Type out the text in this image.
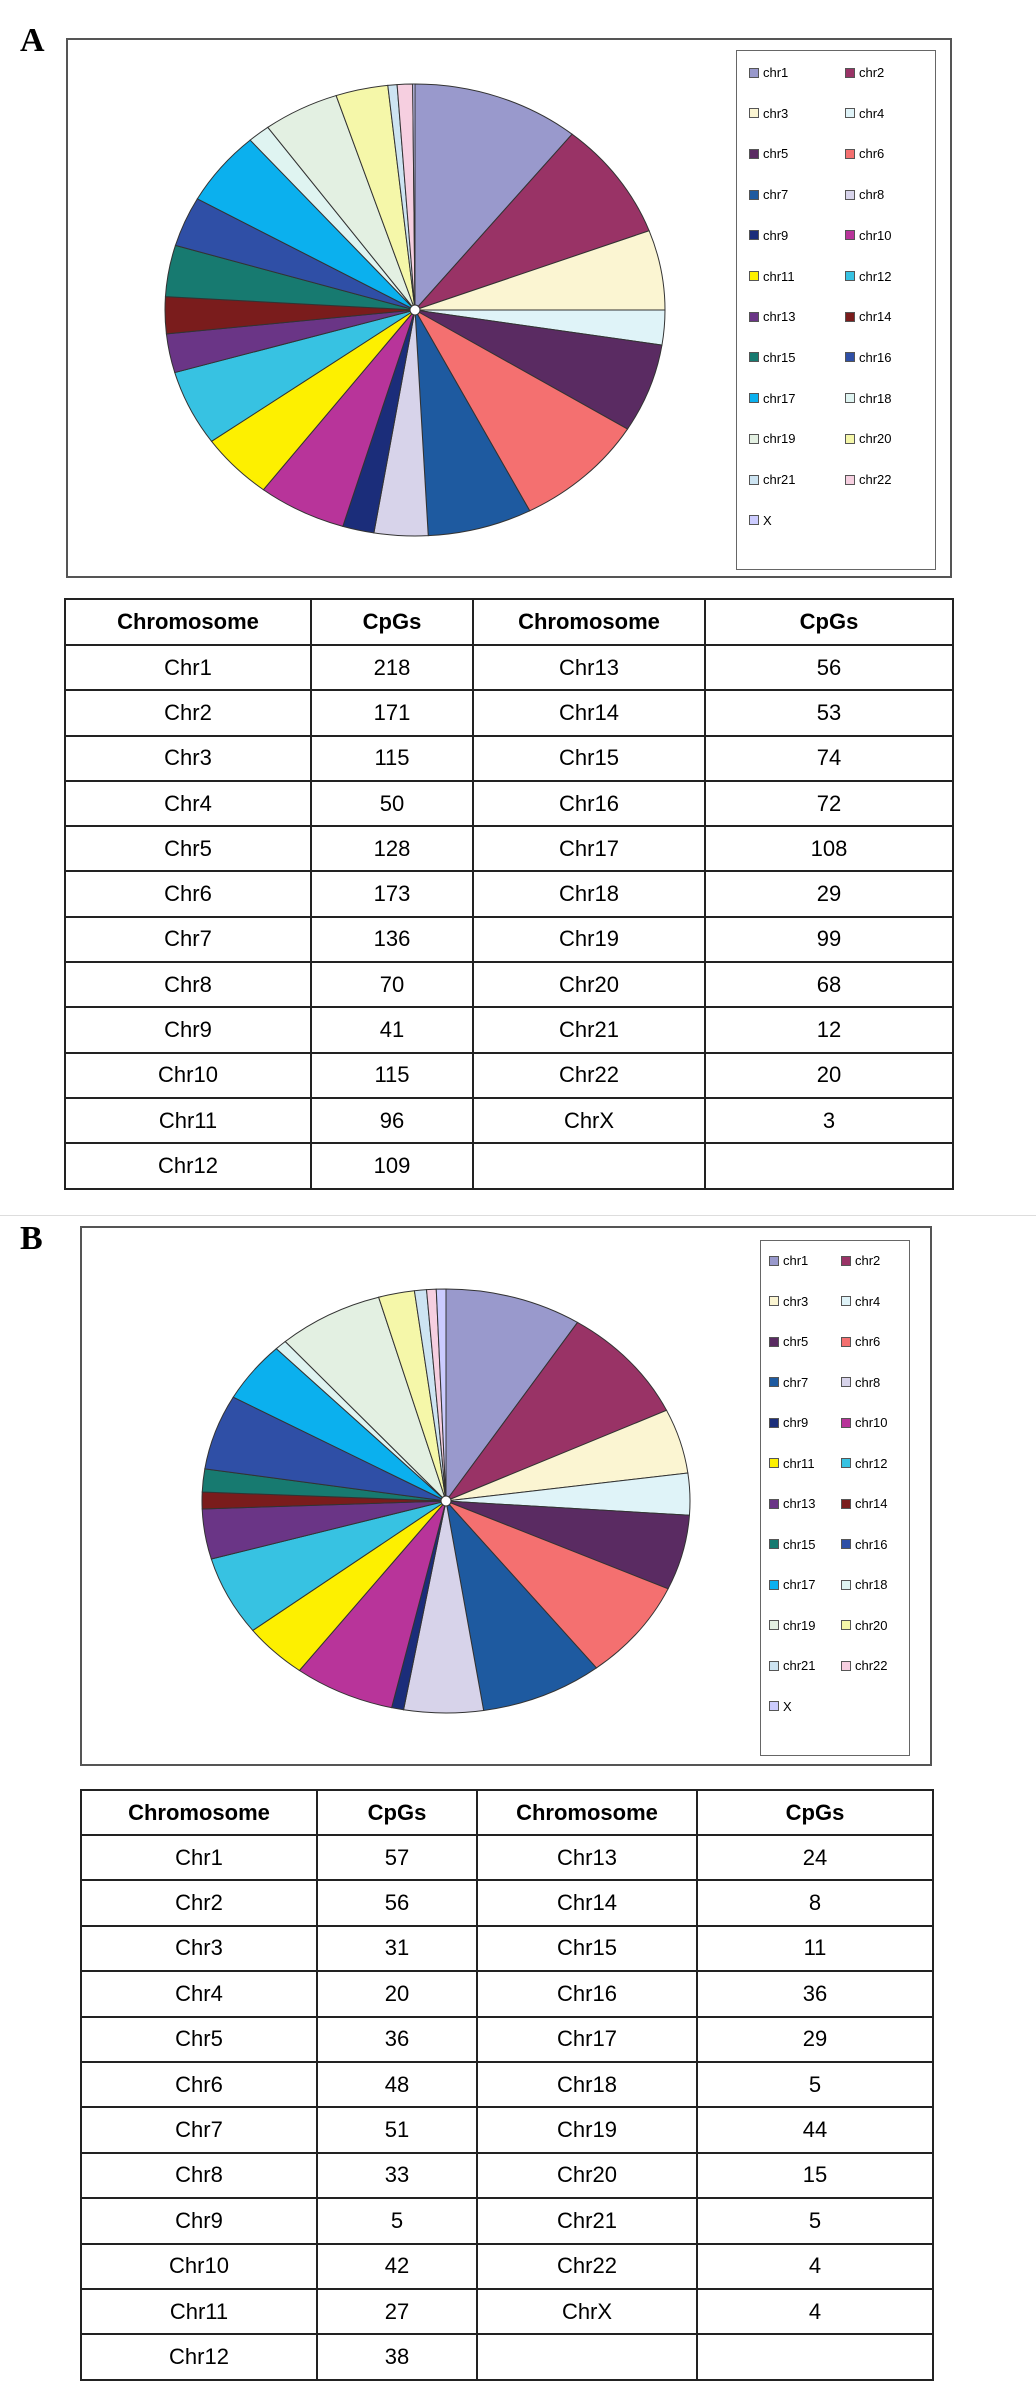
A
chr1	chr2
chr3	chr4
chr5	chr6
chr7	chr8
chr9	chr10
chr11	chr12
chr13	chr14
chr15	chr16
chr17	chr18
chr19	chr20
chr21	chr22
X
Chromosome	CpGs	Chromosome	CpGs
Chr1	218	Chr13	56
Chr2	171	Chr14	53
Chr3	115	Chr15	74
Chr4	50	Chr16	72
Chr5	128	Chr17	108
Chr6	173	Chr18	29
Chr7	136	Chr19	99
Chr8	70	Chr20	68
Chr9	41	Chr21	12
Chr10	115	Chr22	20
Chr11	96	ChrX	3
Chr12	109		
B
chr1	chr2
chr3	chr4
chr5	chr6
chr7	chr8
chr9	chr10
chr11	chr12
chr13	chr14
chr15	chr16
chr17	chr18
chr19	chr20
chr21	chr22
X
Chromosome	CpGs	Chromosome	CpGs
Chr1	57	Chr13	24
Chr2	56	Chr14	8
Chr3	31	Chr15	11
Chr4	20	Chr16	36
Chr5	36	Chr17	29
Chr6	48	Chr18	5
Chr7	51	Chr19	44
Chr8	33	Chr20	15
Chr9	5	Chr21	5
Chr10	42	Chr22	4
Chr11	27	ChrX	4
Chr12	38		
